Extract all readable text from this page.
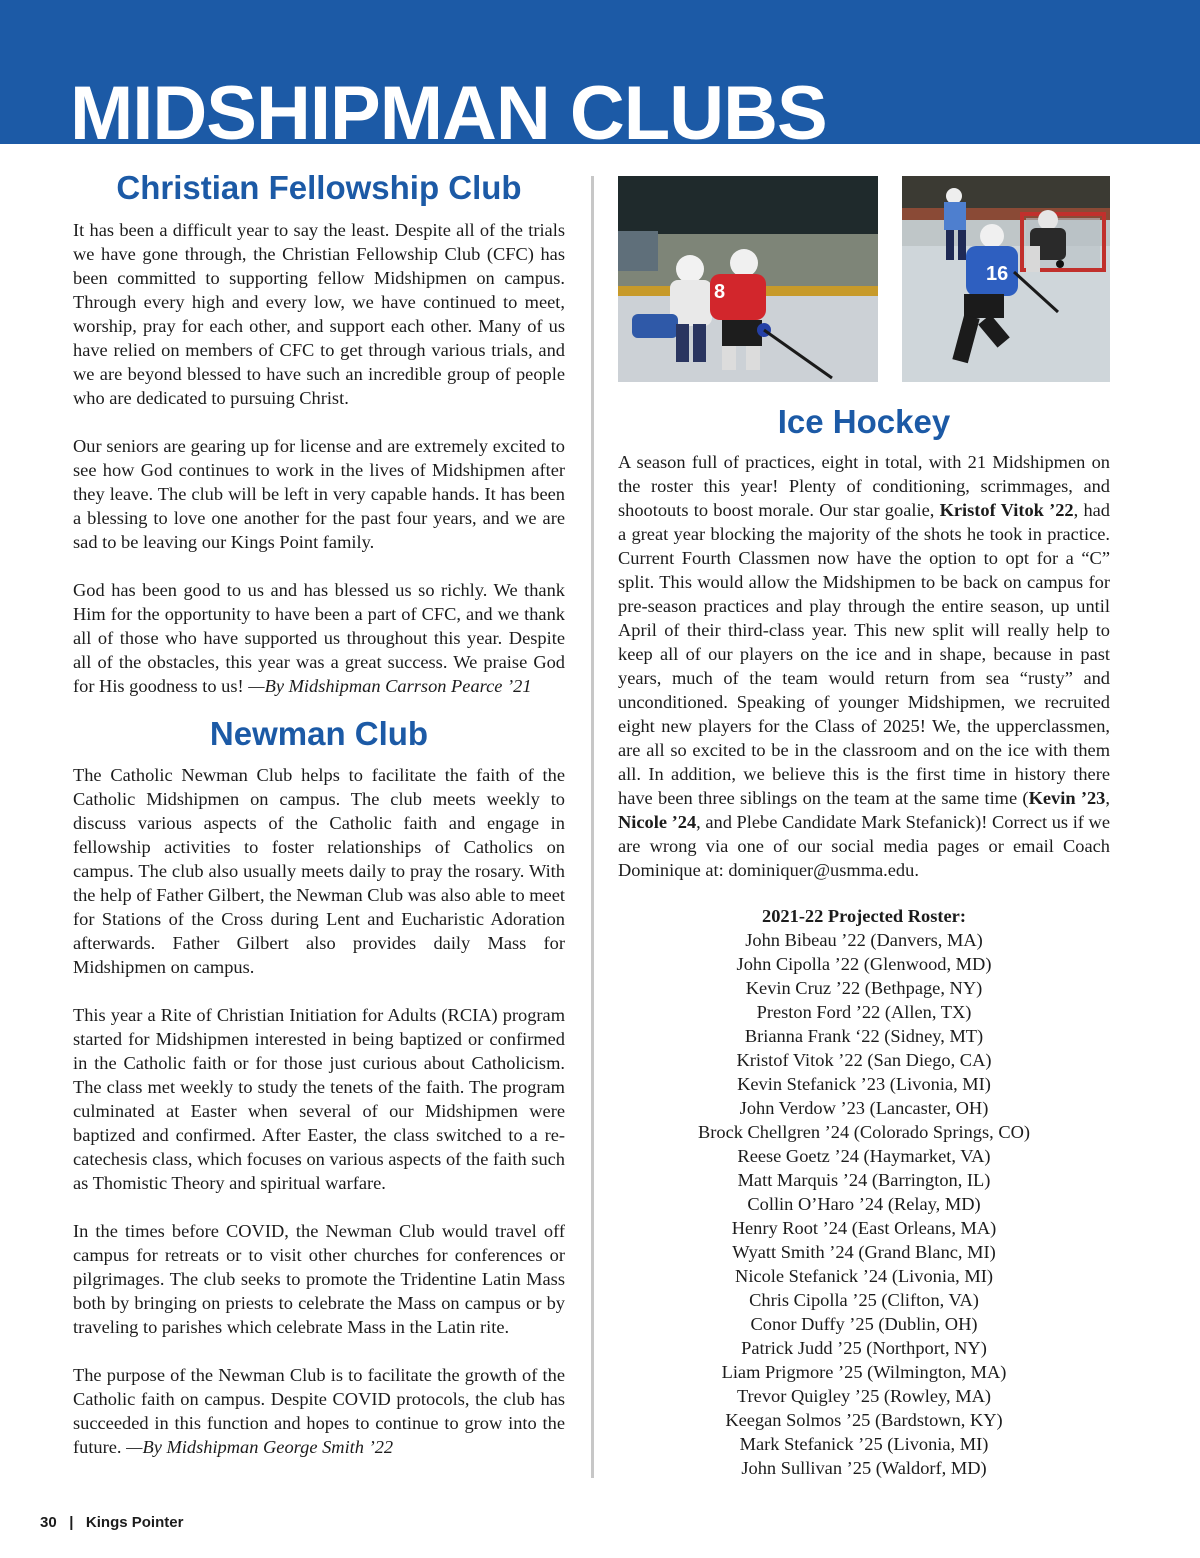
MIDSHIPMAN CLUBS
Christian Fellowship Club

It has been a difficult year to say the least. Despite all of the trials we have gone through, the Christian Fellowship Club (CFC) has been committed to supporting fellow Midshipmen on campus. Through every high and every low, we have continued to meet, worship, pray for each other, and support each other. Many of us have relied on members of CFC to get through various trials, and we are beyond blessed to have such an incredible group of people who are dedicated to pursuing Christ.

Our seniors are gearing up for license and are extremely excited to see how God continues to work in the lives of Midshipmen after they leave. The club will be left in very capable hands. It has been a blessing to love one another for the past four years, and we are sad to be leaving our Kings Point family.

God has been good to us and has blessed us so richly. We thank Him for the opportunity to have been a part of CFC, and we thank all of those who have supported us throughout this year. Despite all of the obstacles, this year was a great success. We praise God for His goodness to us! —By Midshipman Carrson Pearce ’21

Newman Club

The Catholic Newman Club helps to facilitate the faith of the Catholic Midshipmen on campus. The club meets weekly to discuss various aspects of the Catholic faith and engage in fellowship activities to foster relationships of Catholics on campus. The club also usually meets daily to pray the rosary. With the help of Father Gilbert, the Newman Club was also able to meet for Stations of the Cross during Lent and Eucharistic Adoration afterwards. Father Gilbert also provides daily Mass for Midshipmen on campus.

This year a Rite of Christian Initiation for Adults (RCIA) program started for Midshipmen interested in being baptized or confirmed in the Catholic faith or for those just curious about Catholicism. The class met weekly to study the tenets of the faith. The program culminated at Easter when several of our Midshipmen were baptized and confirmed. After Easter, the class switched to a re-catechesis class, which focuses on various aspects of the faith such as Thomistic Theory and spiritual warfare.

In the times before COVID, the Newman Club would travel off campus for retreats or to visit other churches for conferences or pilgrimages. The club seeks to promote the Tridentine Latin Mass both by bringing on priests to celebrate the Mass on campus or by traveling to parishes which celebrate Mass in the Latin rite.

The purpose of the Newman Club is to facilitate the growth of the Catholic faith on campus. Despite COVID protocols, the club has succeeded in this function and hopes to continue to grow into the future. —By Midshipman George Smith ’22

8
16
Ice Hockey

A season full of practices, eight in total, with 21 Midshipmen on the roster this year! Plenty of conditioning, scrimmages, and shootouts to boost morale. Our star goalie, Kristof Vitok ’22, had a great year blocking the majority of the shots he took in practice. Current Fourth Classmen now have the option to opt for a “C” split. This would allow the Midshipmen to be back on campus for pre-season practices and play through the entire season, up until April of their third-class year. This new split will really help to keep all of our players on the ice and in shape, because in past years, much of the team would return from sea “rusty” and unconditioned. Speaking of younger Midshipmen, we recruited eight new players for the Class of 2025! We, the upperclassmen, are all so excited to be in the classroom and on the ice with them all. In addition, we believe this is the first time in history there have been three siblings on the team at the same time (Kevin ’23, Nicole ’24, and Plebe Candidate Mark Stefanick)! Correct us if we are wrong via one of our social media pages or email Coach Dominique at: dominiquer@usmma.edu.

2021-22 Projected Roster:
John Bibeau ’22 (Danvers, MA)
John Cipolla ’22 (Glenwood, MD)
Kevin Cruz ’22 (Bethpage, NY)
Preston Ford ’22 (Allen, TX)
Brianna Frank ‘22 (Sidney, MT)
Kristof Vitok ’22 (San Diego, CA)
Kevin Stefanick ’23 (Livonia, MI)
John Verdow ’23 (Lancaster, OH)
Brock Chellgren ’24 (Colorado Springs, CO)
Reese Goetz ’24 (Haymarket, VA)
Matt Marquis ’24 (Barrington, IL)
Collin O’Haro ’24 (Relay, MD)
Henry Root ’24 (East Orleans, MA)
Wyatt Smith ’24 (Grand Blanc, MI)
Nicole Stefanick ’24 (Livonia, MI)
Chris Cipolla ’25 (Clifton, VA)
Conor Duffy ’25 (Dublin, OH)
Patrick Judd ’25 (Northport, NY)
Liam Prigmore ’25 (Wilmington, MA)
Trevor Quigley ’25 (Rowley, MA)
Keegan Solmos ’25 (Bardstown, KY)
Mark Stefanick ’25 (Livonia, MI)
John Sullivan ’25 (Waldorf, MD)
30 | Kings Pointer
